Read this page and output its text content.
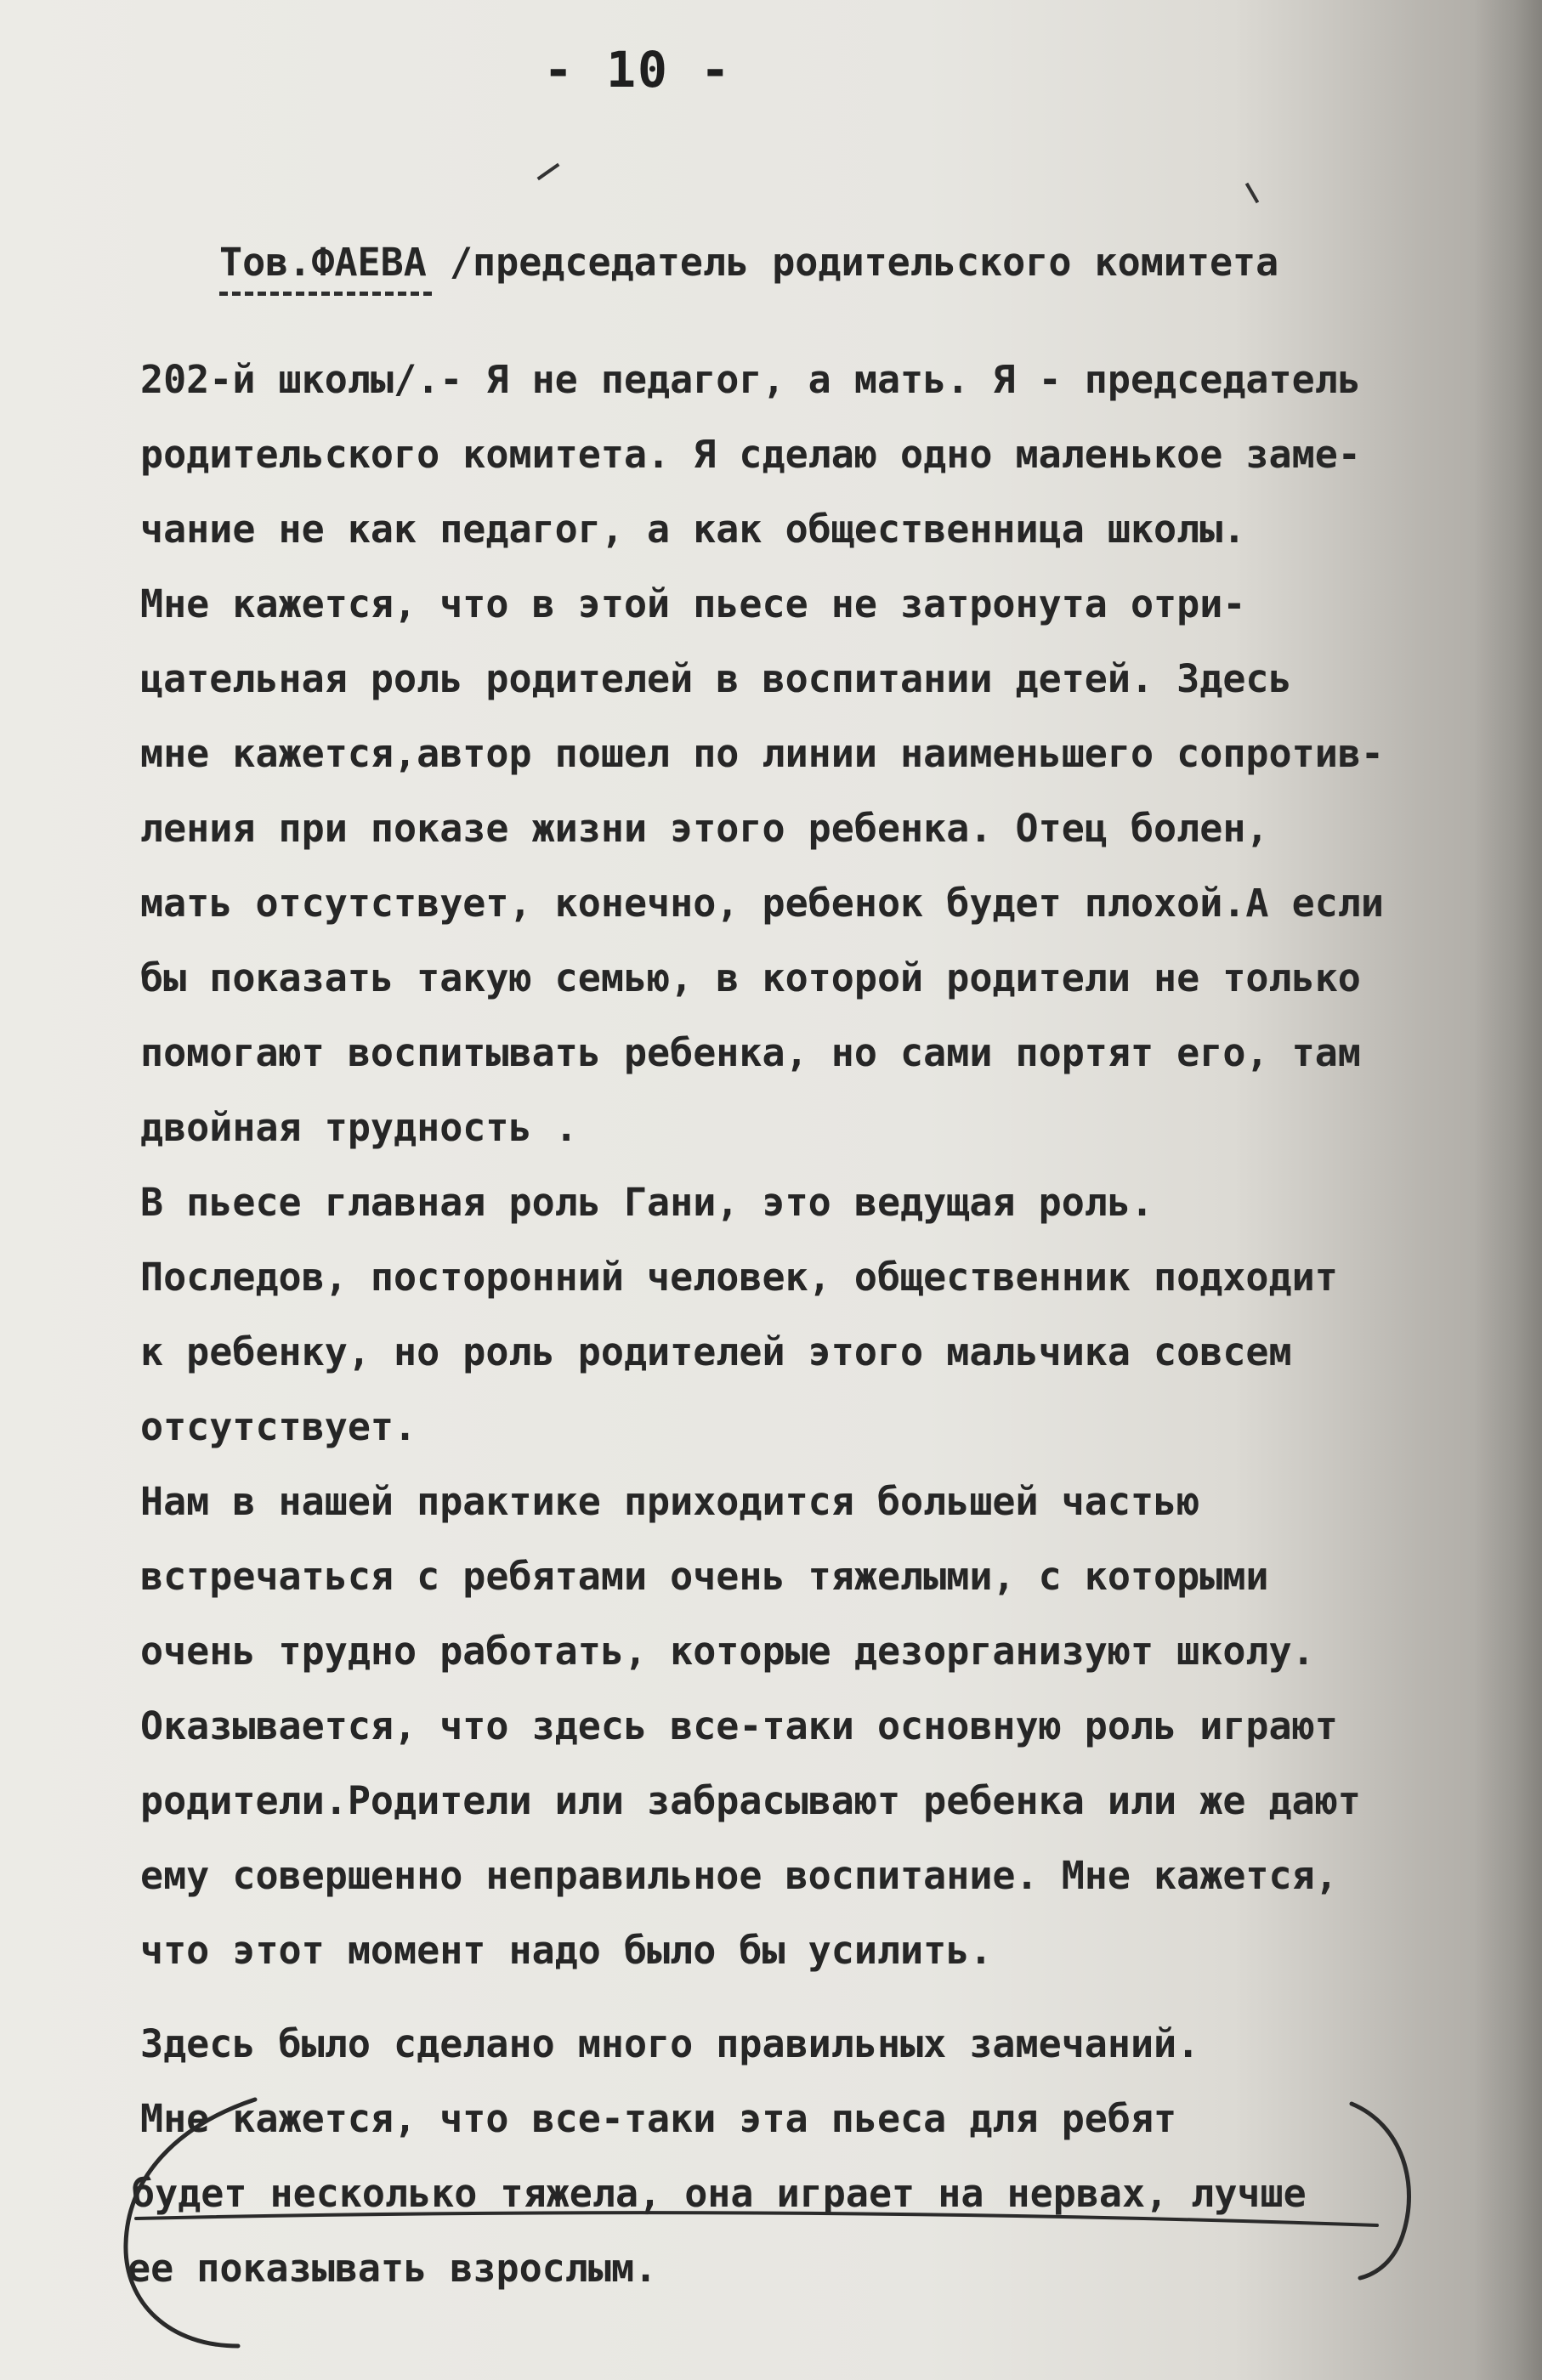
- 10 -
Тов.ФАЕВА /председатель родительского комитета
202-й школы/.- Я не педагог, а мать. Я - председатель
родительского комитета. Я сделаю одно маленькое заме-
чание не как педагог, а как общественница школы.
Мне кажется, что в этой пьесе не затронута отри-
цательная роль родителей в воспитании детей. Здесь
мне кажется,автор пошел по линии наименьшего сопротив-
ления при показе жизни этого ребенка. Отец болен,
мать отсутствует, конечно, ребенок будет плохой.А если
бы показать такую семью, в которой родители не только
помогают воспитывать ребенка, но сами портят его, там
двойная трудность .
В пьесе главная роль Гани, это ведущая роль.
Последов, посторонний человек, общественник подходит
к ребенку, но роль родителей этого мальчика совсем
отсутствует.
Нам в нашей практике приходится большей частью
встречаться с ребятами очень тяжелыми, с которыми
очень трудно работать, которые дезорганизуют школу.
Оказывается, что здесь все-таки основную роль играют
родители.Родители или забрасывают ребенка или же дают
ему совершенно неправильное воспитание. Мне кажется,
что этот момент надо было бы усилить.
Здесь было сделано много правильных замечаний.
Мне кажется, что все-таки эта пьеса для ребят
будет несколько тяжела, она играет на нервах, лучше
ее показывать взрослым.
